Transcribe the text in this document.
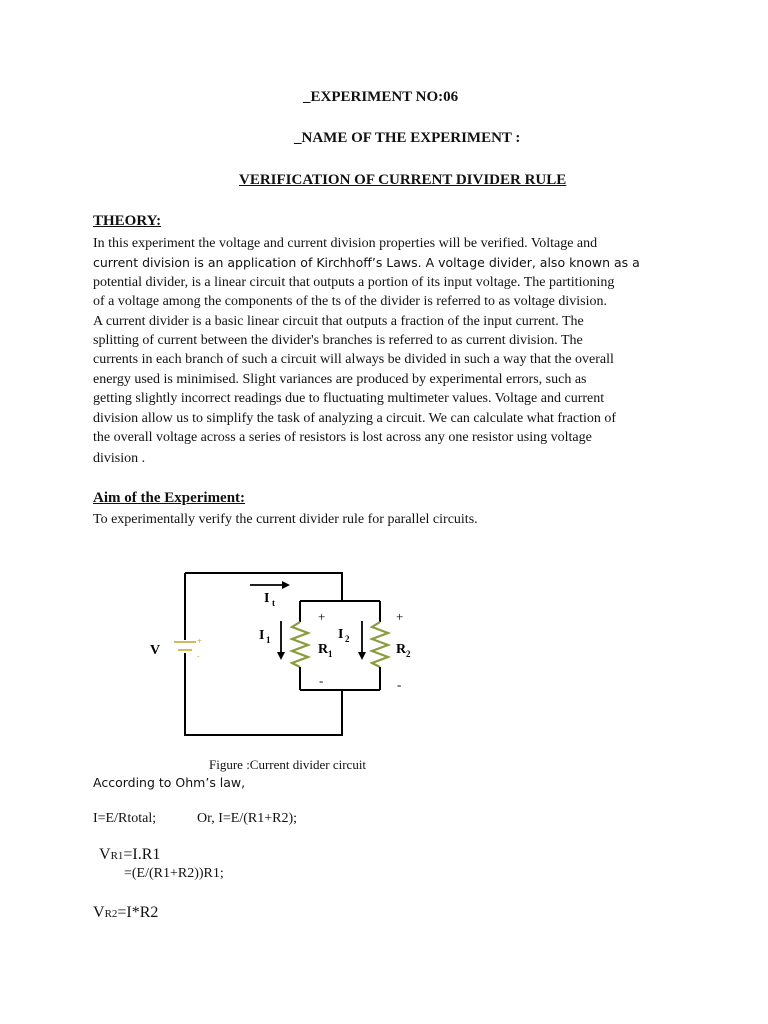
_EXPERIMENT NO:06
_NAME OF THE EXPERIMENT :
VERIFICATION OF CURRENT DIVIDER RULE
THEORY:
In this experiment the voltage and current division properties will be verified. Voltage and
current division is an application of Kirchhoff’s Laws. A voltage divider, also known as a
potential divider, is a linear circuit that outputs a portion of its input voltage. The partitioning
of a voltage among the components of the ts of the divider is referred to as voltage division.
A current divider is a basic linear circuit that outputs a fraction of the input current. The
splitting of current between the divider's branches is referred to as current division. The
currents in each branch of such a circuit will always be divided in such a way that the overall
energy used is minimised. Slight variances are produced by experimental errors, such as
getting slightly incorrect readings due to fluctuating multimeter values. Voltage and current
division allow us to simplify the task of analyzing a circuit. We can calculate what fraction of
the overall voltage across a series of resistors is lost across any one resistor using voltage
division .
Aim of the Experiment:
To experimentally verify the current divider rule for parallel circuits.
+
-
V
I t
I 1	I 2
R 1	R 2
+	+
-	-
Figure :Current divider circuit
According to Ohm’s law,
I=E/Rtotal;	Or, I=E/(R1+R2);
VR1=I.R1
=(E/(R1+R2))R1;
VR2=I*R2
